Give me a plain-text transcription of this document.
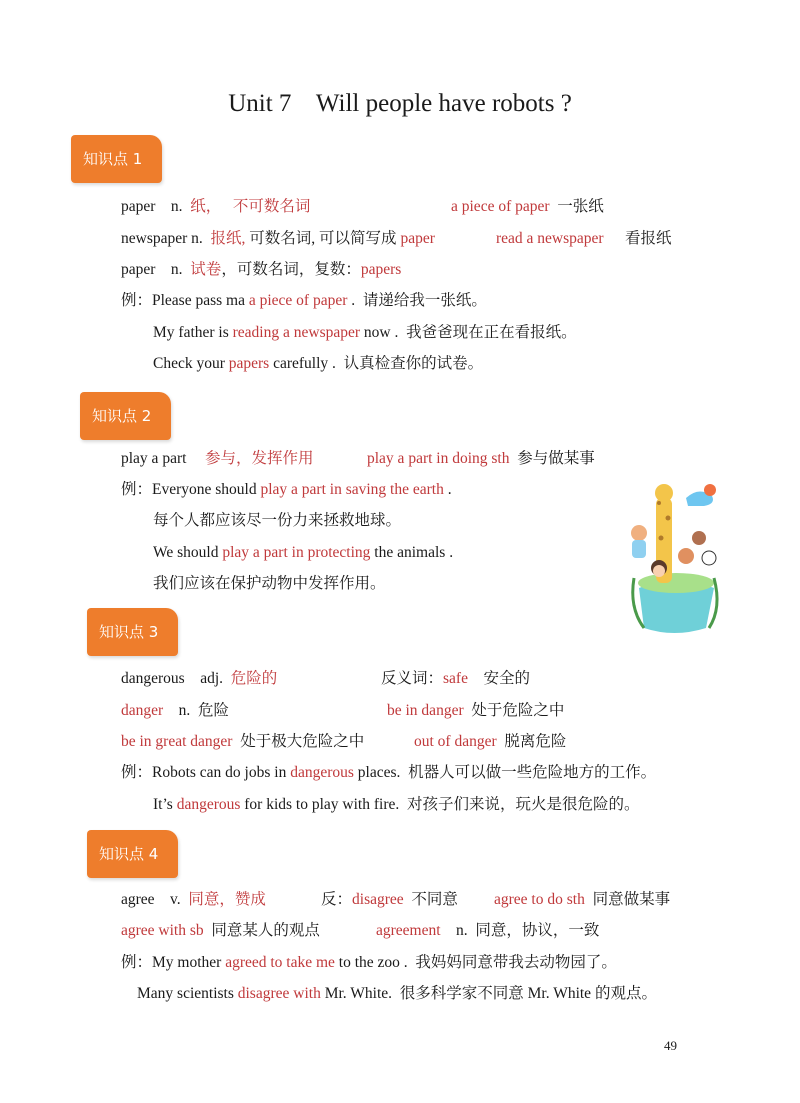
Unit 7    Will people have robots ?
知识点 1
知识点 2
知识点 3
知识点 4
49
paper    n.  纸，   不可数名词	a piece of paper  一张纸
newspaper n.  报纸, 可数名词, 可以简写成 paper	read a newspaper 看报纸
paper    n.  试卷，可数名词，复数：papers
例：Please pass ma a piece of paper .  请递给我一张纸。
My father is reading a newspaper now .  我爸爸现在正在看报纸。
Check your papers carefully .  认真检查你的试卷。
play a part 参与，发挥作用	play a part in doing sth  参与做某事
例：Everyone should play a part in saving the earth .
每个人都应该尽一份力来拯救地球。
We should play a part in protecting the animals .
我们应该在保护动物中发挥作用。
dangerous    adj.  危险的	反义词：safe    安全的
danger    n.  危险	be in danger  处于危险之中
be in great danger  处于极大危险之中	out of danger  脱离危险
例：Robots can do jobs in dangerous places.  机器人可以做一些危险地方的工作。
It’s dangerous for kids to play with fire.  对孩子们来说，玩火是很危险的。
agree    v.  同意，赞成	反：disagree  不同意 agree to do sth  同意做某事
agree with sb  同意某人的观点	agreement    n.  同意，协议，一致
例：My mother agreed to take me to the zoo .  我妈妈同意带我去动物园了。
Many scientists disagree with Mr. White.  很多科学家不同意 Mr. White 的观点。
